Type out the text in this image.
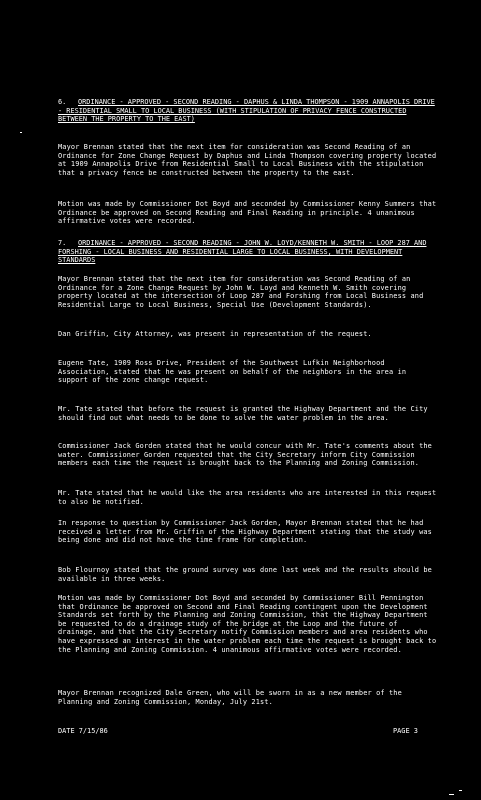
6. ORDINANCE - APPROVED - SECOND READING - DAPHUS & LINDA THOMPSON - 1909 ANNAPOLIS DRIVE - RESIDENTIAL SMALL TO LOCAL BUSINESS (WITH STIPULATION OF PRIVACY FENCE CONSTRUCTED BETWEEN THE PROPERTY TO THE EAST)

Mayor Brennan stated that the next item for consideration was Second Reading of an Ordinance for Zone Change Request by Daphus and Linda Thompson covering property located at 1909 Annapolis Drive from Residential Small to Local Business with the stipulation that a privacy fence be constructed between the property to the east.

Motion was made by Commissioner Dot Boyd and seconded by Commissioner Kenny Summers that Ordinance be approved on Second Reading and Final Reading in principle. 4 unanimous affirmative votes were recorded.

7. ORDINANCE - APPROVED - SECOND READING - JOHN W. LOYD/KENNETH W. SMITH - LOOP 287 AND FORSHING - LOCAL BUSINESS AND RESIDENTIAL LARGE TO LOCAL BUSINESS, WITH DEVELOPMENT STANDARDS

Mayor Brennan stated that the next item for consideration was Second Reading of an Ordinance for a Zone Change Request by John W. Loyd and Kenneth W. Smith covering property located at the intersection of Loop 287 and Forshing from Local Business and Residential Large to Local Business, Special Use (Development Standards).

Dan Griffin, City Attorney, was present in representation of the request.

Eugene Tate, 1909 Ross Drive, President of the Southwest Lufkin Neighborhood Association, stated that he was present on behalf of the neighbors in the area in support of the zone change request.

Mr. Tate stated that before the request is granted the Highway Department and the City should find out what needs to be done to solve the water problem in the area.

Commissioner Jack Gorden stated that he would concur with Mr. Tate's comments about the water. Commissioner Gorden requested that the City Secretary inform City Commission members each time the request is brought back to the Planning and Zoning Commission.

Mr. Tate stated that he would like the area residents who are interested in this request to also be notified.

In response to question by Commissioner Jack Gorden, Mayor Brennan stated that he had received a letter from Mr. Griffin of the Highway Department stating that the study was being done and did not have the time frame for completion.

Bob Flournoy stated that the ground survey was done last week and the results should be available in three weeks.

Motion was made by Commissioner Dot Boyd and seconded by Commissioner Bill Pennington that Ordinance be approved on Second and Final Reading contingent upon the Development Standards set forth by the Planning and Zoning Commission, that the Highway Department be requested to do a drainage study of the bridge at the Loop and the future of drainage, and that the City Secretary notify Commission members and area residents who have expressed an interest in the water problem each time the request is brought back to the Planning and Zoning Commission. 4 unanimous affirmative votes were recorded.

Mayor Brennan recognized Dale Green, who will be sworn in as a new member of the Planning and Zoning Commission, Monday, July 21st.

DATE 7/15/86	PAGE 3
